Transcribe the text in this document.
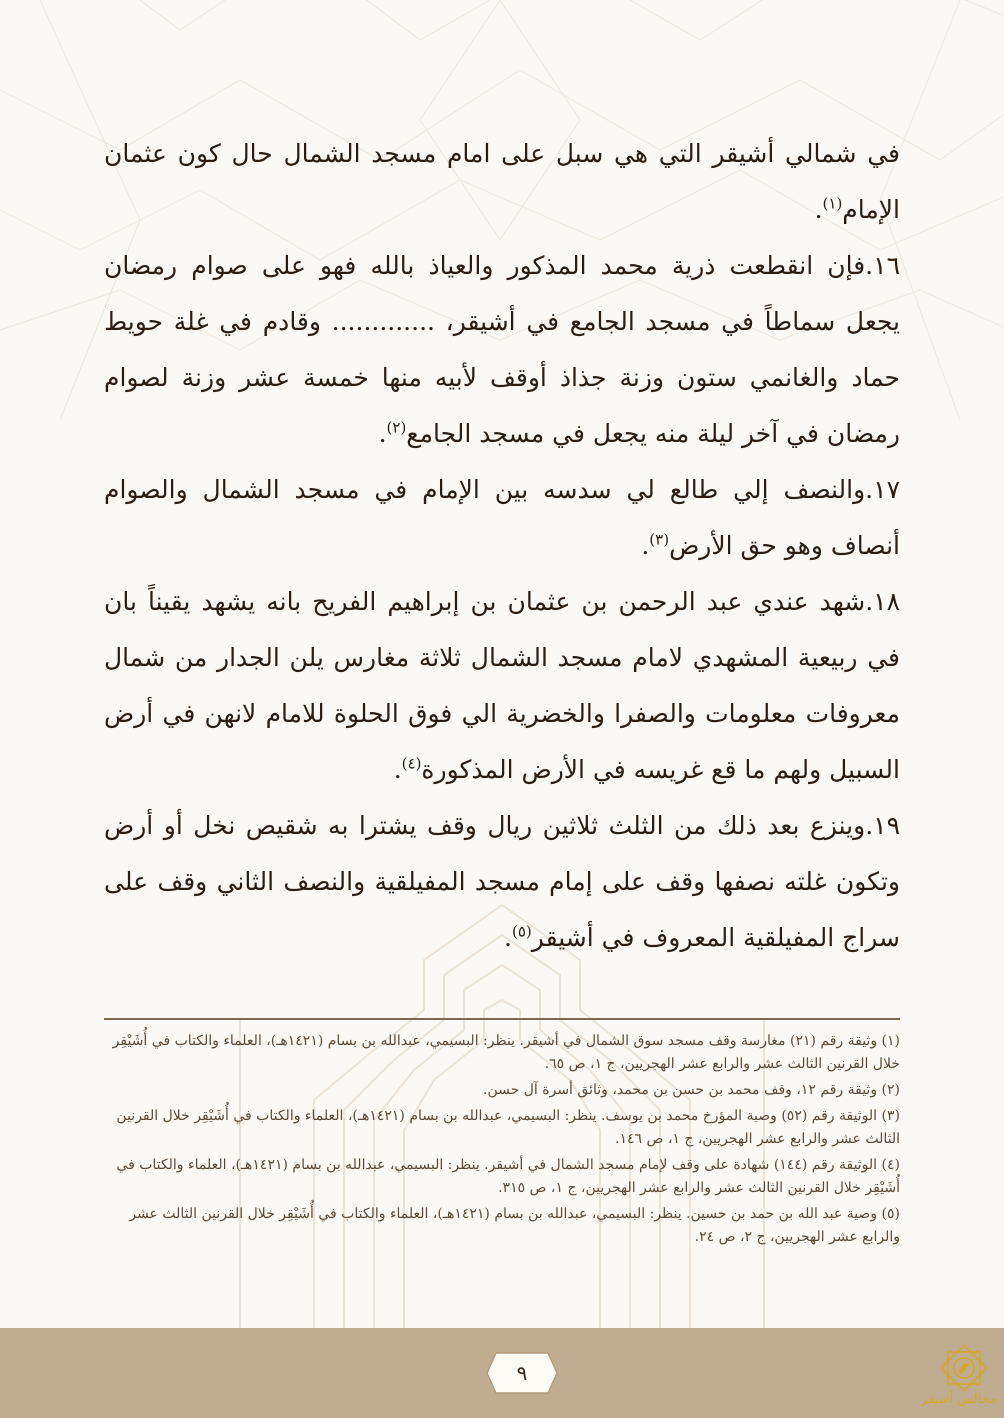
في شمالي أشيقر التي هي سبل على امام مسجد الشمال حال كون عثمان الإمام$^{(١)}$.

١٦.فإن انقطعت ذرية محمد المذكور والعياذ بالله فهو على صوام رمضان يجعل سماطاً في مسجد الجامع في أشيقر، ............. وقادم في غلة حويط حماد والغانمي ستون وزنة جذاذ أوقف لأبيه منها خمسة عشر وزنة لصوام رمضان في آخر ليلة منه يجعل في مسجد الجامع$^{(٢)}$.

١٧.والنصف إلي طالع لي سدسه بين الإمام في مسجد الشمال والصوام أنصاف وهو حق الأرض$^{(٣)}$.

١٨.شهد عندي عبد الرحمن بن عثمان بن إبراهيم الفريح بانه يشهد يقيناً بان في ربيعية المشهدي لامام مسجد الشمال ثلاثة مغارس يلن الجدار من شمال معروفات معلومات والصفرا والخضرية الي فوق الحلوة للامام لانهن في أرض السبيل ولهم ما قع غريسه في الأرض المذكورة$^{(٤)}$.

١٩.وينزع بعد ذلك من الثلث ثلاثين ريال وقف يشترا به شقيص نخل أو أرض وتكون غلته نصفها وقف على إمام مسجد المفيلقية والنصف الثاني وقف على سراج المفيلقية المعروف في أشيقر$^{(٥)}$.

(١) وثيقة رقم (٢١) مغارسة وقف مسجد سوق الشمال في أشيقر. ينظر: البسيمي، عبدالله بن بسام (١٤٢١هـ)، العلماء والكتاب في أُشَيْقِر خلال القرنين الثالث عشر والرابع عشر الهجريين، ج ١، ص ٦٥.

(٢) وثيقة رقم ١٢، وقف محمد بن حسن بن محمد، وثائق أسرة آل حسن.

(٣) الوثيقة رقم (٥٢) وصية المؤرخ محمد بن يوسف. ينظر: البسيمي، عبدالله بن بسام (١٤٢١هـ)، العلماء والكتاب في أُشَيْقِر خلال القرنين الثالث عشر والرابع عشر الهجريين، ج ١، ص ١٤٦.

(٤) الوثيقة رقم (١٤٤) شهادة على وقف لإمام مسجد الشمال في أشيقر. ينظر: البسيمي، عبدالله بن بسام (١٤٢١هـ)، العلماء والكتاب في أُشَيْقِر خلال القرنين الثالث عشر والرابع عشر الهجريين، ج ١، ص ٣١٥.

(٥) وصية عبد الله بن حمد بن حسين. ينظر: البسيمي، عبدالله بن بسام (١٤٢١هـ)، العلماء والكتاب في أُشَيْقِر خلال القرنين الثالث عشر والرابع عشر الهجريين، ج ٢، ص ٢٤.

٩
مجالس أشيقر
